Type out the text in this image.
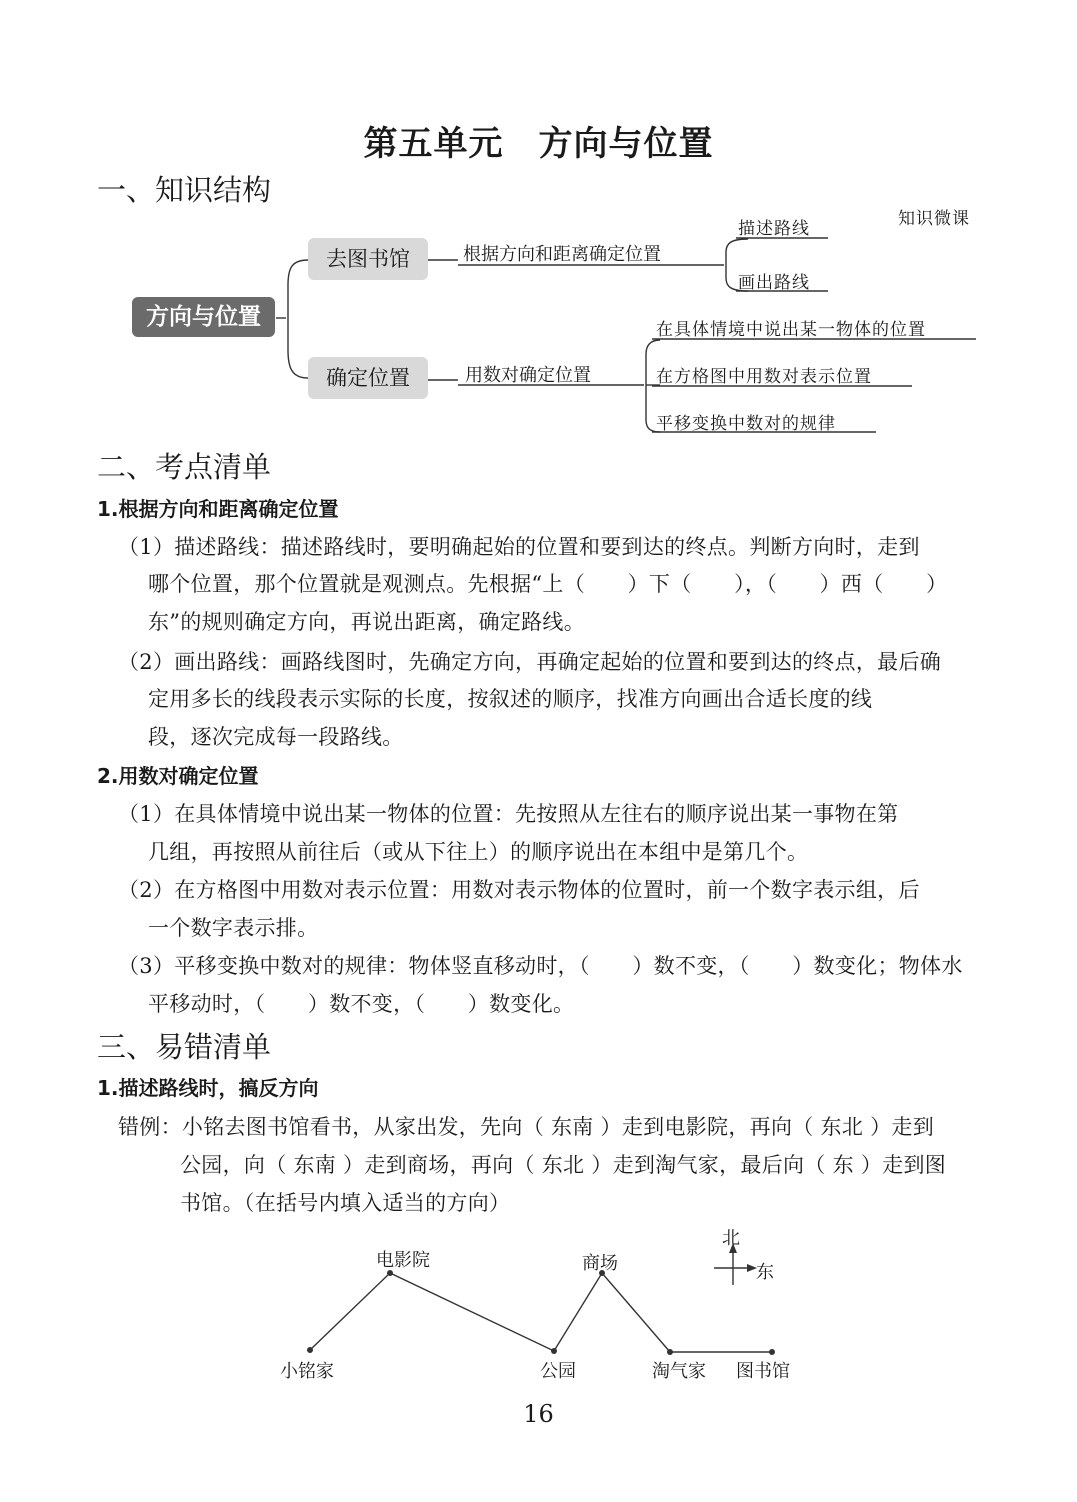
第五单元　方向与位置
一、知识结构
方向与位置
去图书馆
确定位置
根据方向和距离确定位置
用数对确定位置
描述路线
画出路线
在具体情境中说出某一物体的位置
在方格图中用数对表示位置
平移变换中数对的规律
知识微课
二、考点清单
1.根据方向和距离确定位置
（1）描述路线：描述路线时，要明确起始的位置和要到达的终点。判断方向时，走到
哪个位置，那个位置就是观测点。先根据“上（　　）下（　　），（　　）西（　　）
东”的规则确定方向，再说出距离，确定路线。
（2）画出路线：画路线图时，先确定方向，再确定起始的位置和要到达的终点，最后确
定用多长的线段表示实际的长度，按叙述的顺序，找准方向画出合适长度的线
段，逐次完成每一段路线。
2.用数对确定位置
（1）在具体情境中说出某一物体的位置：先按照从左往右的顺序说出某一事物在第
几组，再按照从前往后（或从下往上）的顺序说出在本组中是第几个。
（2）在方格图中用数对表示位置：用数对表示物体的位置时，前一个数字表示组，后
一个数字表示排。
（3）平移变换中数对的规律：物体竖直移动时，（　　）数不变，（　　）数变化；物体水
平移动时，（　　）数不变，（　　）数变化。
三、易错清单
1.描述路线时，搞反方向
错例：小铭去图书馆看书，从家出发，先向（ 东南 ）走到电影院，再向（ 东北 ）走到
公园，向（ 东南 ）走到商场，再向（ 东北 ）走到淘气家，最后向（ 东 ）走到图
书馆。（在括号内填入适当的方向）
小铭家
电影院
公园
商场
淘气家 图书馆
北
东
16
